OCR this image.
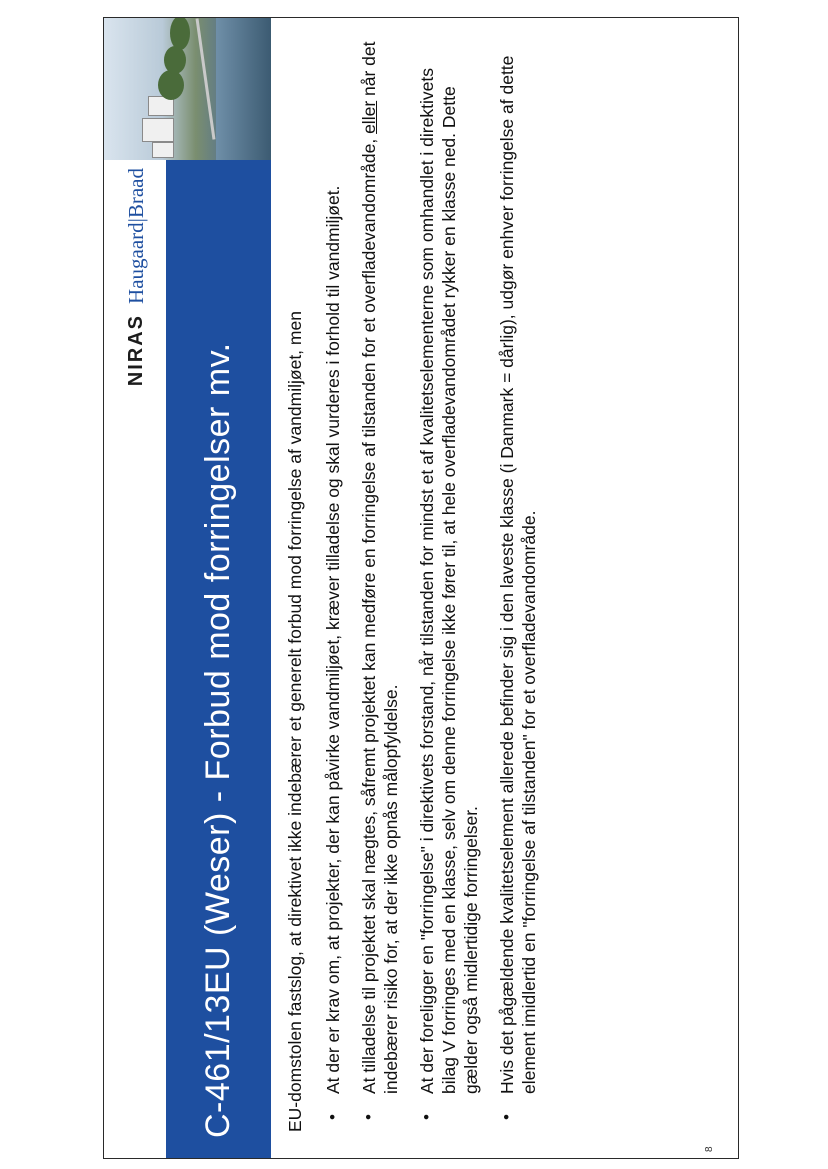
NIRAS
Haugaard|Braad
C-461/13EU (Weser) - Forbud mod forringelser mv.	EU-domstolen fastslog, at direktivet ikke indebærer et generelt forbud mod forringelse af vandmiljøet, men • At der er krav om, at projekter, der kan påvirke vandmiljøet, kræver tilladelse og skal vurderes i forhold til vandmiljøet. • At tilladelse til projektet skal nægtes, såfremt projektet kan medføre en forringelse af tilstanden for et overfladevandområde, eller når det indebærer risiko for, at der ikke opnås målopfyldelse. • At der foreligger en "forringelse" i direktivets forstand, når tilstanden for mindst et af kvalitetselementerne som omhandlet i direktivets bilag V forringes med en klasse, selv om denne forringelse ikke fører til, at hele overfladevandområdet rykker en klasse ned. Dette gælder også midlertidige forringelser. • Hvis det pågældende kvalitetselement allerede befinder sig i den laveste klasse (i Danmark = dårlig), udgør enhver forringelse af dette element imidlertid en "forringelse af tilstanden" for et overfladevandområde.
8
